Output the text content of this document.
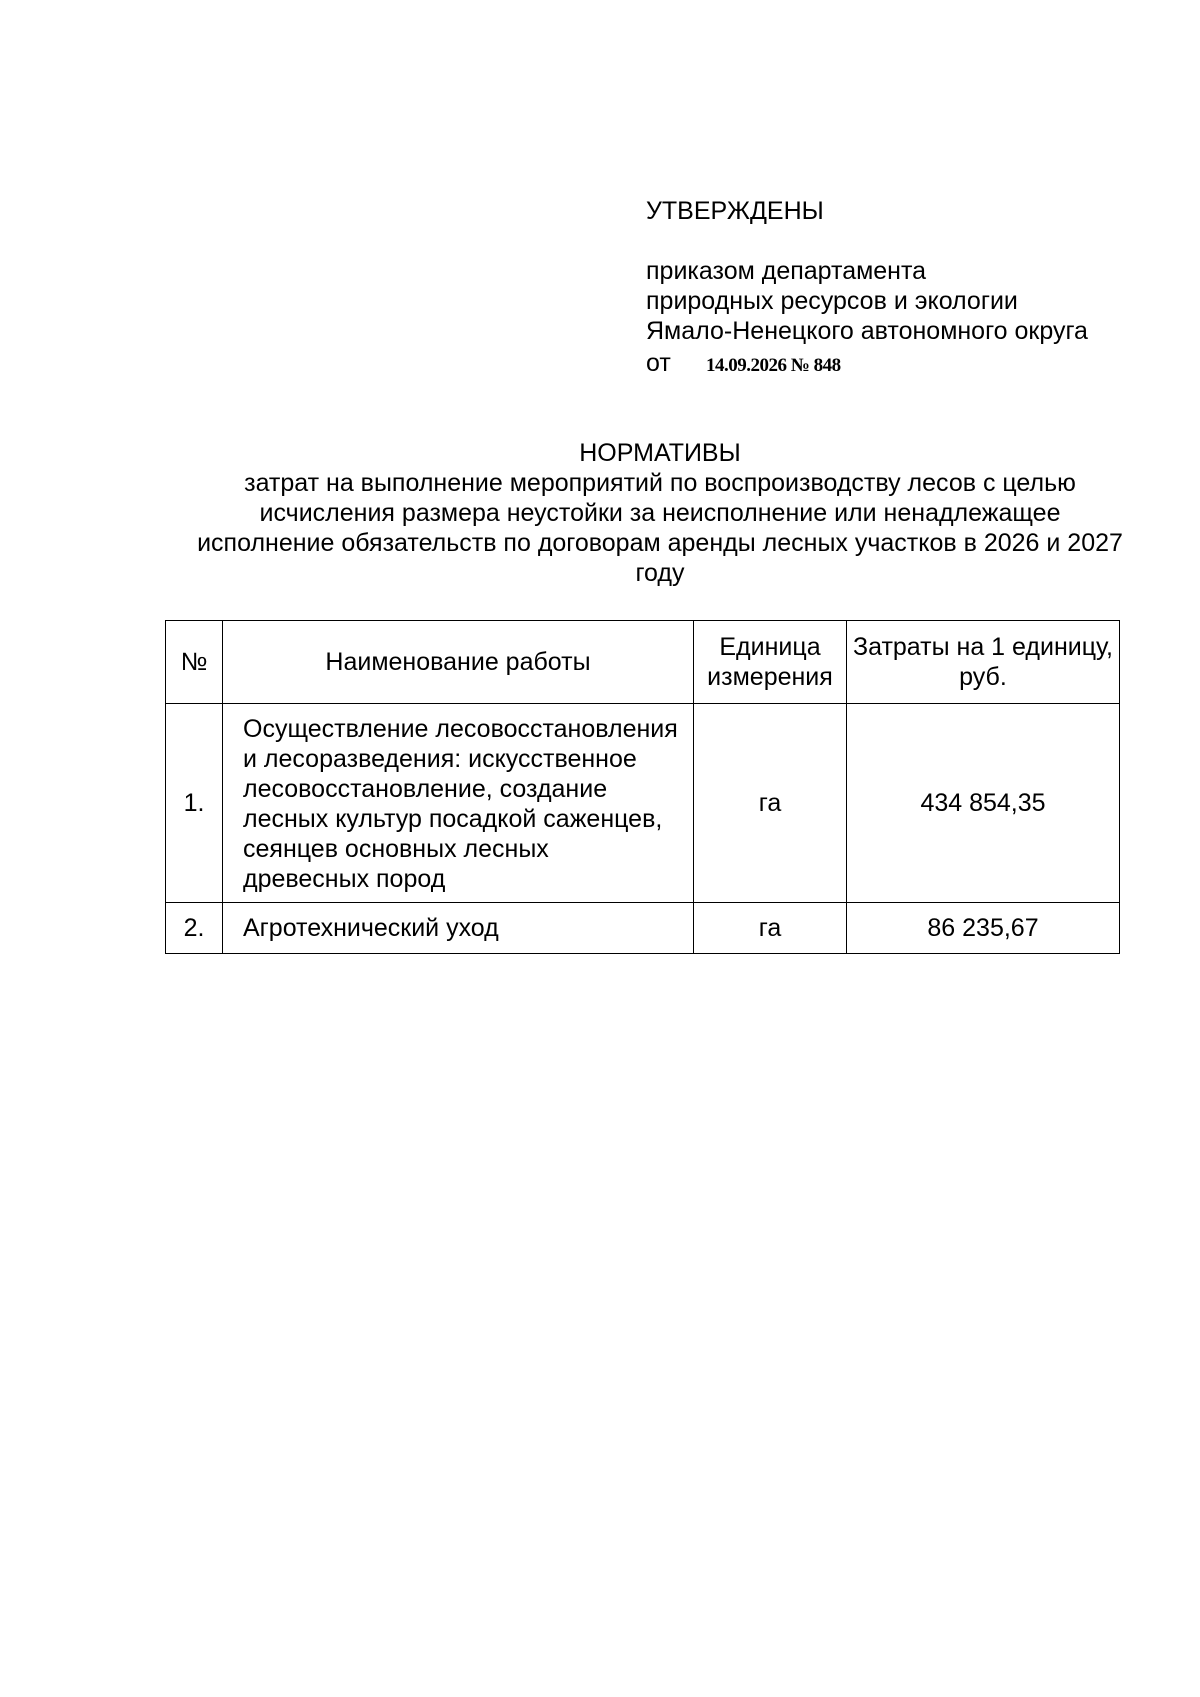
УТВЕРЖДЕНЫ
приказом департамента
природных ресурсов и экологии
Ямало-Ненецкого автономного округа
от 14.09.2026 № 848
НОРМАТИВЫ
затрат на выполнение мероприятий по воспроизводству лесов с целью исчисления размера неустойки за неисполнение или ненадлежащее исполнение обязательств по договорам аренды лесных участков в 2026 и 2027 году
№	Наименование работы	Единица измерения	Затраты на 1 единицу, руб.
1.	Осуществление лесовосстановления и лесоразведения: искусственное лесовосстановление, создание лесных культур посадкой саженцев, сеянцев основных лесных древесных пород	га	434 854,35
2.	Агротехнический уход	га	86 235,67
